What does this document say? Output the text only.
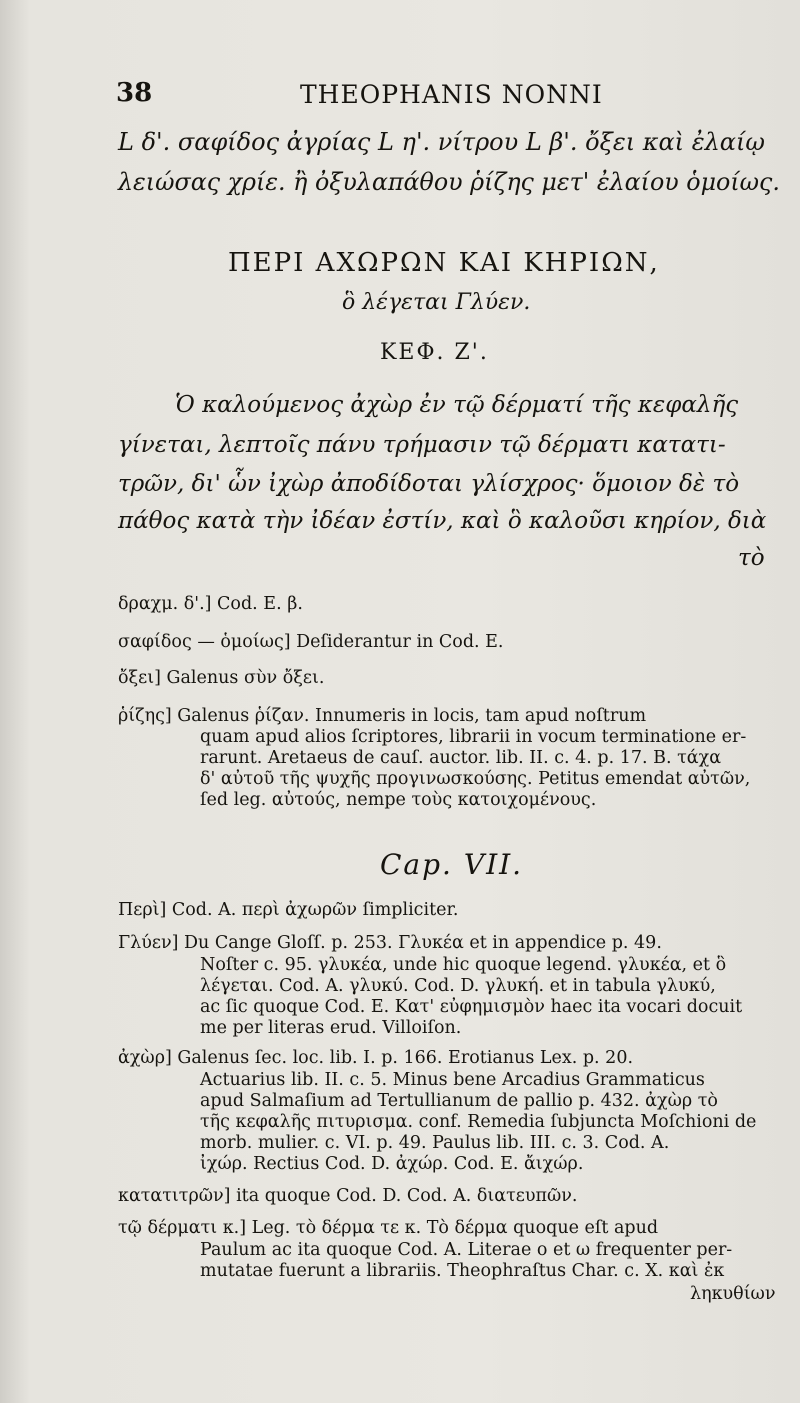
38	THEOPHANIS NONNI
L δ'. σαφίδος ἀγρίας L η'. νίτρου L β'. ὄξει καὶ ἐλαίῳ
λειώσας χρίε. ἢ ὀξυλαπάθου ῥίζης μετ' ἐλαίου ὁμοίως.
ΠΕΡΙ ΑΧΩΡΩΝ ΚΑΙ ΚΗΡΙΩΝ,
ὃ λέγεται Γλύεν.
ΚΕΦ. Ζ'.
Ὁ καλούμενος ἀχὼρ ἐν τῷ δέρματί τῆς κεφαλῆς
γίνεται, λεπτοῖς πάνυ τρήμασιν τῷ δέρματι κατατι-
τρῶν, δι' ὧν ἰχὼρ ἀποδίδοται γλίσχρος· ὅμοιον δὲ τὸ
πάθος κατὰ τὴν ἰδέαν ἐστίν, καὶ ὃ καλοῦσι κηρίον, διὰ
τὸ
δραχμ. δ'.] Cod. E. β.
σαφίδος — ὁμοίως] Deſiderantur in Cod. E.
ὄξει] Galenus σὺν ὄξει.
ῥίζης] Galenus ῥίζαν. Innumeris in locis, tam apud noſtrum
quam apud alios ſcriptores, librarii in vocum terminatione er-
rarunt. Aretaeus de cauſ. auctor. lib. II. c. 4. p. 17. B. τάχα
δ' αὐτοῦ τῆς ψυχῆς προγινωσκούσης. Petitus emendat αὐτῶν,
ſed leg. αὐτούς, nempe τοὺς κατοιχομένους.
Cap. VII.
Περὶ] Cod. A. περὶ ἀχωρῶν ſimpliciter.
Γλύεν] Du Cange Gloſſ. p. 253. Γλυκέα et in appendice p. 49.
Noſter c. 95. γλυκέα, unde hic quoque legend. γλυκέα, et ὃ
λέγεται. Cod. A. γλυκύ. Cod. D. γλυκή. et in tabula γλυκύ,
ac ſic quoque Cod. E. Κατ' εὐφημισμὸν haec ita vocari docuit
me per literas erud. Villoiſon.
ἀχὼρ] Galenus ſec. loc. lib. I. p. 166. Erotianus Lex. p. 20.
Actuarius lib. II. c. 5. Minus bene Arcadius Grammaticus
apud Salmaſium ad Tertullianum de pallio p. 432. ἀχὼρ τὸ
τῆς κεφαλῆς πιτυρισμα. conf. Remedia ſubjuncta Moſchioni de
morb. mulier. c. VI. p. 49. Paulus lib. III. c. 3. Cod. A.
ἰχώρ. Rectius Cod. D. ἀχώρ. Cod. E. ἄιχώρ.
κατατιτρῶν] ita quoque Cod. D. Cod. A. διατευπῶν.
τῷ δέρματι κ.] Leg. τὸ δέρμα τε κ. Τὸ δέρμα quoque eſt apud
Paulum ac ita quoque Cod. A. Literae ο et ω frequenter per-
mutatae fuerunt a librariis. Theophraſtus Char. c. X. καὶ ἐκ
ληκυθίων
